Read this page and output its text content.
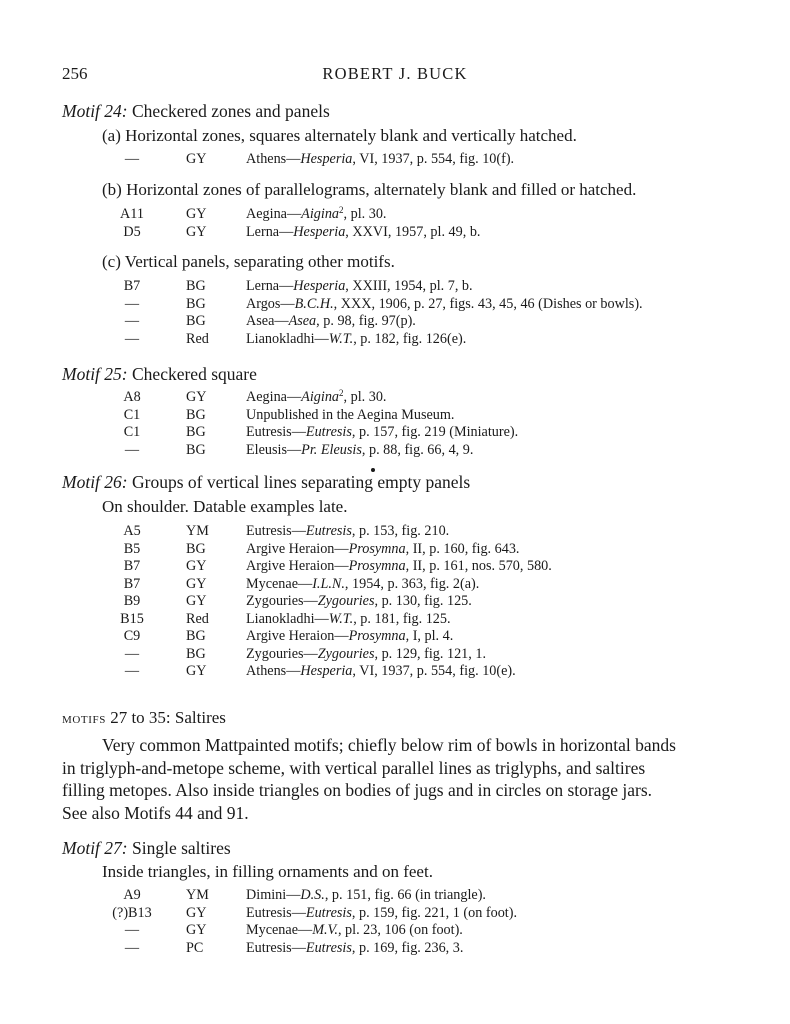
256	ROBERT J. BUCK
Motif 24: Checkered zones and panels
(a) Horizontal zones, squares alternately blank and vertically hatched.
—	GY	Athens—Hesperia, VI, 1937, p. 554, fig. 10(f).
(b) Horizontal zones of parallelograms, alternately blank and filled or hatched.
A11	GY	Aegina—Aigina$^2$, pl. 30.
D5	GY	Lerna—Hesperia, XXVI, 1957, pl. 49, b.
(c) Vertical panels, separating other motifs.
B7	BG	Lerna—Hesperia, XXIII, 1954, pl. 7, b.
—	BG	Argos—B.C.H., XXX, 1906, p. 27, figs. 43, 45, 46 (Dishes or bowls).
—	BG	Asea—Asea, p. 98, fig. 97(p).
—	Red	Lianokladhi—W.T., p. 182, fig. 126(e).
Motif 25: Checkered square
A8	GY	Aegina—Aigina$^2$, pl. 30.
C1	BG	Unpublished in the Aegina Museum.
C1	BG	Eutresis—Eutresis, p. 157, fig. 219 (Miniature).
—	BG	Eleusis—Pr. Eleusis, p. 88, fig. 66, 4, 9.
Motif 26: Groups of vertical lines separating empty panels
On shoulder. Datable examples late.
A5	YM	Eutresis—Eutresis, p. 153, fig. 210.
B5	BG	Argive Heraion—Prosymna, II, p. 160, fig. 643.
B7	GY	Argive Heraion—Prosymna, II, p. 161, nos. 570, 580.
B7	GY	Mycenae—I.L.N., 1954, p. 363, fig. 2(a).
B9	GY	Zygouries—Zygouries, p. 130, fig. 125.
B15	Red	Lianokladhi—W.T., p. 181, fig. 125.
C9	BG	Argive Heraion—Prosymna, I, pl. 4.
—	BG	Zygouries—Zygouries, p. 129, fig. 121, 1.
—	GY	Athens—Hesperia, VI, 1937, p. 554, fig. 10(e).
motifs 27 to 35: Saltires
Very common Mattpainted motifs; chiefly below rim of bowls in horizontal bands
in triglyph-and-metope scheme, with vertical parallel lines as triglyphs, and saltires
filling metopes. Also inside triangles on bodies of jugs and in circles on storage jars.
See also Motifs 44 and 91.
Motif 27: Single saltires
Inside triangles, in filling ornaments and on feet.
A9	YM	Dimini—D.S., p. 151, fig. 66 (in triangle).
(?)B13	GY	Eutresis—Eutresis, p. 159, fig. 221, 1 (on foot).
—	GY	Mycenae—M.V., pl. 23, 106 (on foot).
—	PC	Eutresis—Eutresis, p. 169, fig. 236, 3.
